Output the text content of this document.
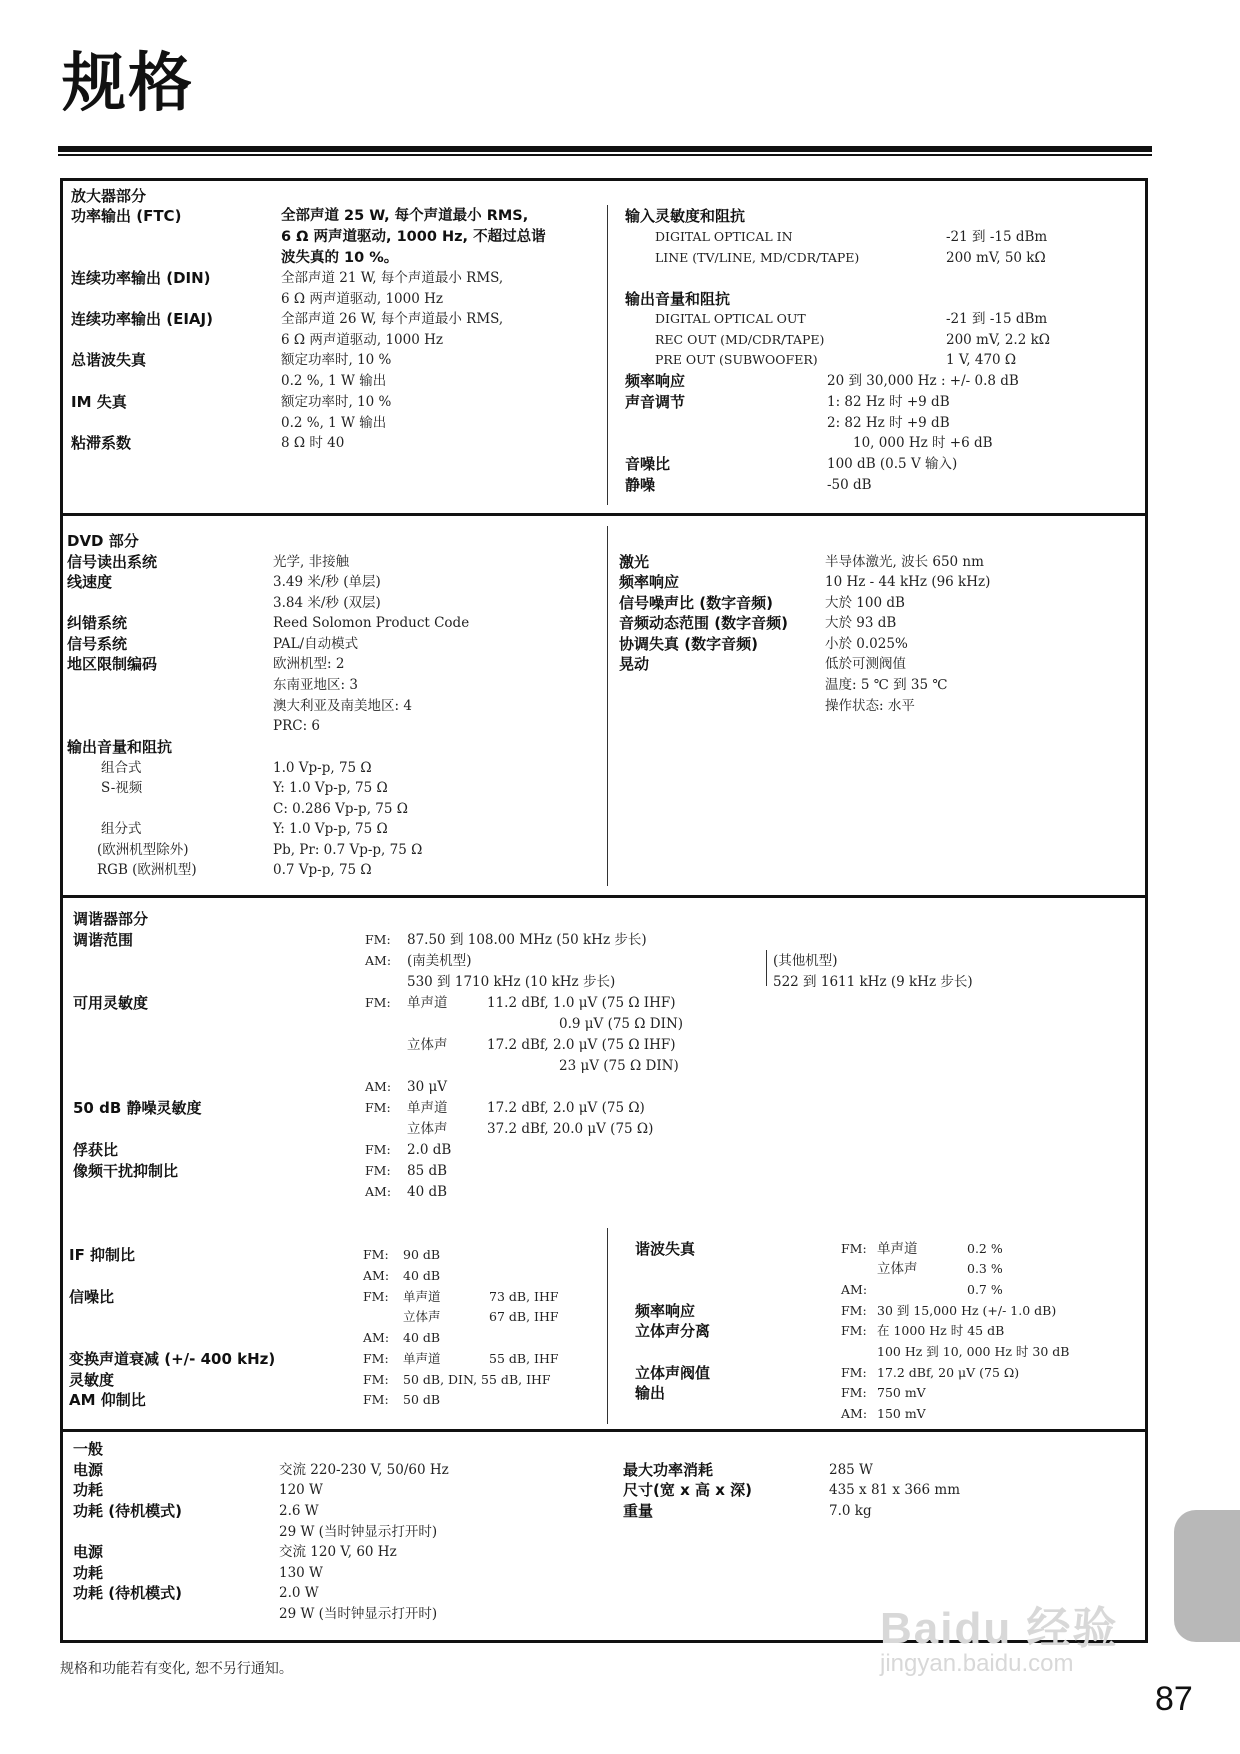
规格
放大器部分
功率输出 (FTC)	全部声道 25 W, 每个声道最小 RMS,
6 Ω 两声道驱动, 1000 Hz, 不超过总谐
波失真的 10 %。
连续功率输出 (DIN)	全部声道 21 W, 每个声道最小 RMS,
6 Ω 两声道驱动, 1000 Hz
连续功率输出 (EIAJ)	全部声道 26 W, 每个声道最小 RMS,
6 Ω 两声道驱动, 1000 Hz
总谐波失真	额定功率时, 10 %
0.2 %, 1 W 输出
IM 失真	额定功率时, 10 %
0.2 %, 1 W 输出
粘滞系数	8 Ω 时 40
输入灵敏度和阻抗
DIGITAL OPTICAL IN	-21 到 -15 dBm
LINE (TV/LINE, MD/CDR/TAPE)	200 mV, 50 kΩ
输出音量和阻抗
DIGITAL OPTICAL OUT	-21 到 -15 dBm
REC OUT (MD/CDR/TAPE)	200 mV, 2.2 kΩ
PRE OUT (SUBWOOFER)	1 V, 470 Ω
频率响应	20 到 30,000 Hz : +/- 0.8 dB
声音调节	1: 82 Hz 时 +9 dB
2: 82 Hz 时 +9 dB
10, 000 Hz 时 +6 dB
音噪比	100 dB (0.5 V 输入)
静噪	-50 dB
DVD 部分
信号读出系统	光学, 非接触
线速度	3.49 米/秒 (单层)
3.84 米/秒 (双层)
纠错系统	Reed Solomon Product Code
信号系统	PAL/自动模式
地区限制编码	欧洲机型: 2
东南亚地区: 3
澳大利亚及南美地区: 4
PRC: 6
输出音量和阻抗
组合式	1.0 Vp-p, 75 Ω
S-视频	Y: 1.0 Vp-p, 75 Ω
C: 0.286 Vp-p, 75 Ω
组分式	Y: 1.0 Vp-p, 75 Ω
(欧洲机型除外)	Pb, Pr: 0.7 Vp-p, 75 Ω
RGB (欧洲机型)	0.7 Vp-p, 75 Ω
激光	半导体激光, 波长 650 nm
频率响应	10 Hz - 44 kHz (96 kHz)
信号噪声比 (数字音频)	大於 100 dB
音频动态范围 (数字音频)	大於 93 dB
协调失真 (数字音频)	小於 0.025%
晃动	低於可测阀值
温度: 5 ℃ 到 35 ℃
操作状态: 水平
调谐器部分
调谐范围	FM: 87.50 到 108.00 MHz (50 kHz 步长)
AM: (南美机型)
530 到 1710 kHz (10 kHz 步长)
(其他机型)
522 到 1611 kHz (9 kHz 步长)
可用灵敏度	FM: 单声道	11.2 dBf, 1.0 μV (75 Ω IHF)
0.9 μV (75 Ω DIN)
立体声	17.2 dBf, 2.0 μV (75 Ω IHF)
23 μV (75 Ω DIN)
AM: 30 μV
50 dB 静噪灵敏度	FM: 单声道	17.2 dBf, 2.0 μV (75 Ω)
立体声	37.2 dBf, 20.0 μV (75 Ω)
俘获比	FM: 2.0 dB
像频干扰抑制比	FM: 85 dB
AM: 40 dB
IF 抑制比	FM: 90 dB
AM: 40 dB
信噪比	FM: 单声道	73 dB, IHF
立体声	67 dB, IHF
AM: 40 dB
变换声道衰减 (+/- 400 kHz)	FM: 单声道	55 dB, IHF
灵敏度	FM: 50 dB, DIN, 55 dB, IHF
AM 仰制比	FM: 50 dB
谐波失真	FM: 单声道	0.2 %
立体声	0.3 %
AM:	0.7 %
频率响应	FM: 30 到 15,000 Hz (+/- 1.0 dB)
立体声分离	FM: 在 1000 Hz 时 45 dB
100 Hz 到 10, 000 Hz 时 30 dB
立体声阀值	FM: 17.2 dBf, 20 μV (75 Ω)
输出	FM: 750 mV
AM: 150 mV
一般
电源	交流 220-230 V, 50/60 Hz
功耗	120 W
功耗 (待机模式)	2.6 W
29 W (当时钟显示打开时)
电源	交流 120 V, 60 Hz
功耗	130 W
功耗 (待机模式)	2.0 W
29 W (当时钟显示打开时)
最大功率消耗	285 W
尺寸(宽 x 高 x 深)	435 x 81 x 366 mm
重量	7.0 kg
规格和功能若有变化, 恕不另行通知。
Baidu 经验
jingyan.baidu.com
87
